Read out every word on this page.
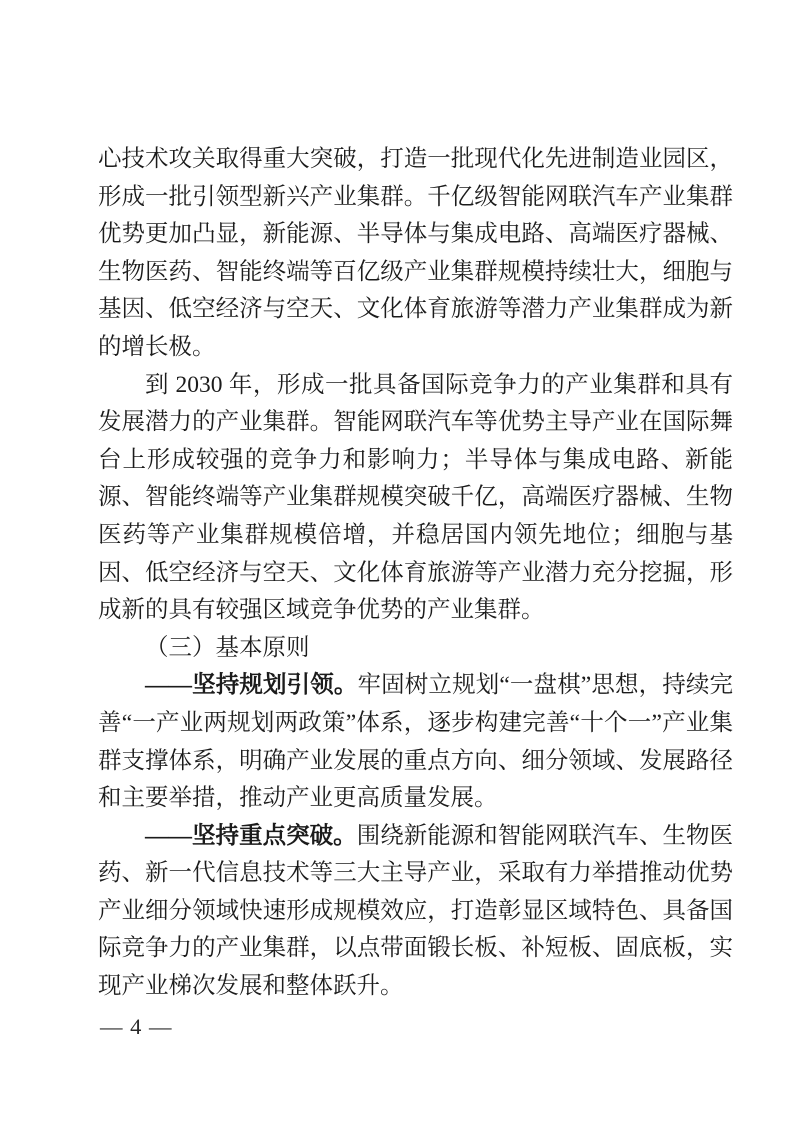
心技术攻关取得重大突破，打造一批现代化先进制造业园区，形成一批引领型新兴产业集群。千亿级智能网联汽车产业集群优势更加凸显，新能源、半导体与集成电路、高端医疗器械、生物医药、智能终端等百亿级产业集群规模持续壮大，细胞与基因、低空经济与空天、文化体育旅游等潜力产业集群成为新的增长极。

到 2030 年，形成一批具备国际竞争力的产业集群和具有发展潜力的产业集群。智能网联汽车等优势主导产业在国际舞台上形成较强的竞争力和影响力；半导体与集成电路、新能源、智能终端等产业集群规模突破千亿，高端医疗器械、生物医药等产业集群规模倍增，并稳居国内领先地位；细胞与基因、低空经济与空天、文化体育旅游等产业潜力充分挖掘，形成新的具有较强区域竞争优势的产业集群。

（三）基本原则

——坚持规划引领。牢固树立规划“一盘棋”思想，持续完善“一产业两规划两政策”体系，逐步构建完善“十个一”产业集群支撑体系，明确产业发展的重点方向、细分领域、发展路径和主要举措，推动产业更高质量发展。

——坚持重点突破。围绕新能源和智能网联汽车、生物医药、新一代信息技术等三大主导产业，采取有力举措推动优势产业细分领域快速形成规模效应，打造彰显区域特色、具备国际竞争力的产业集群，以点带面锻长板、补短板、固底板，实现产业梯次发展和整体跃升。

— 4 —
